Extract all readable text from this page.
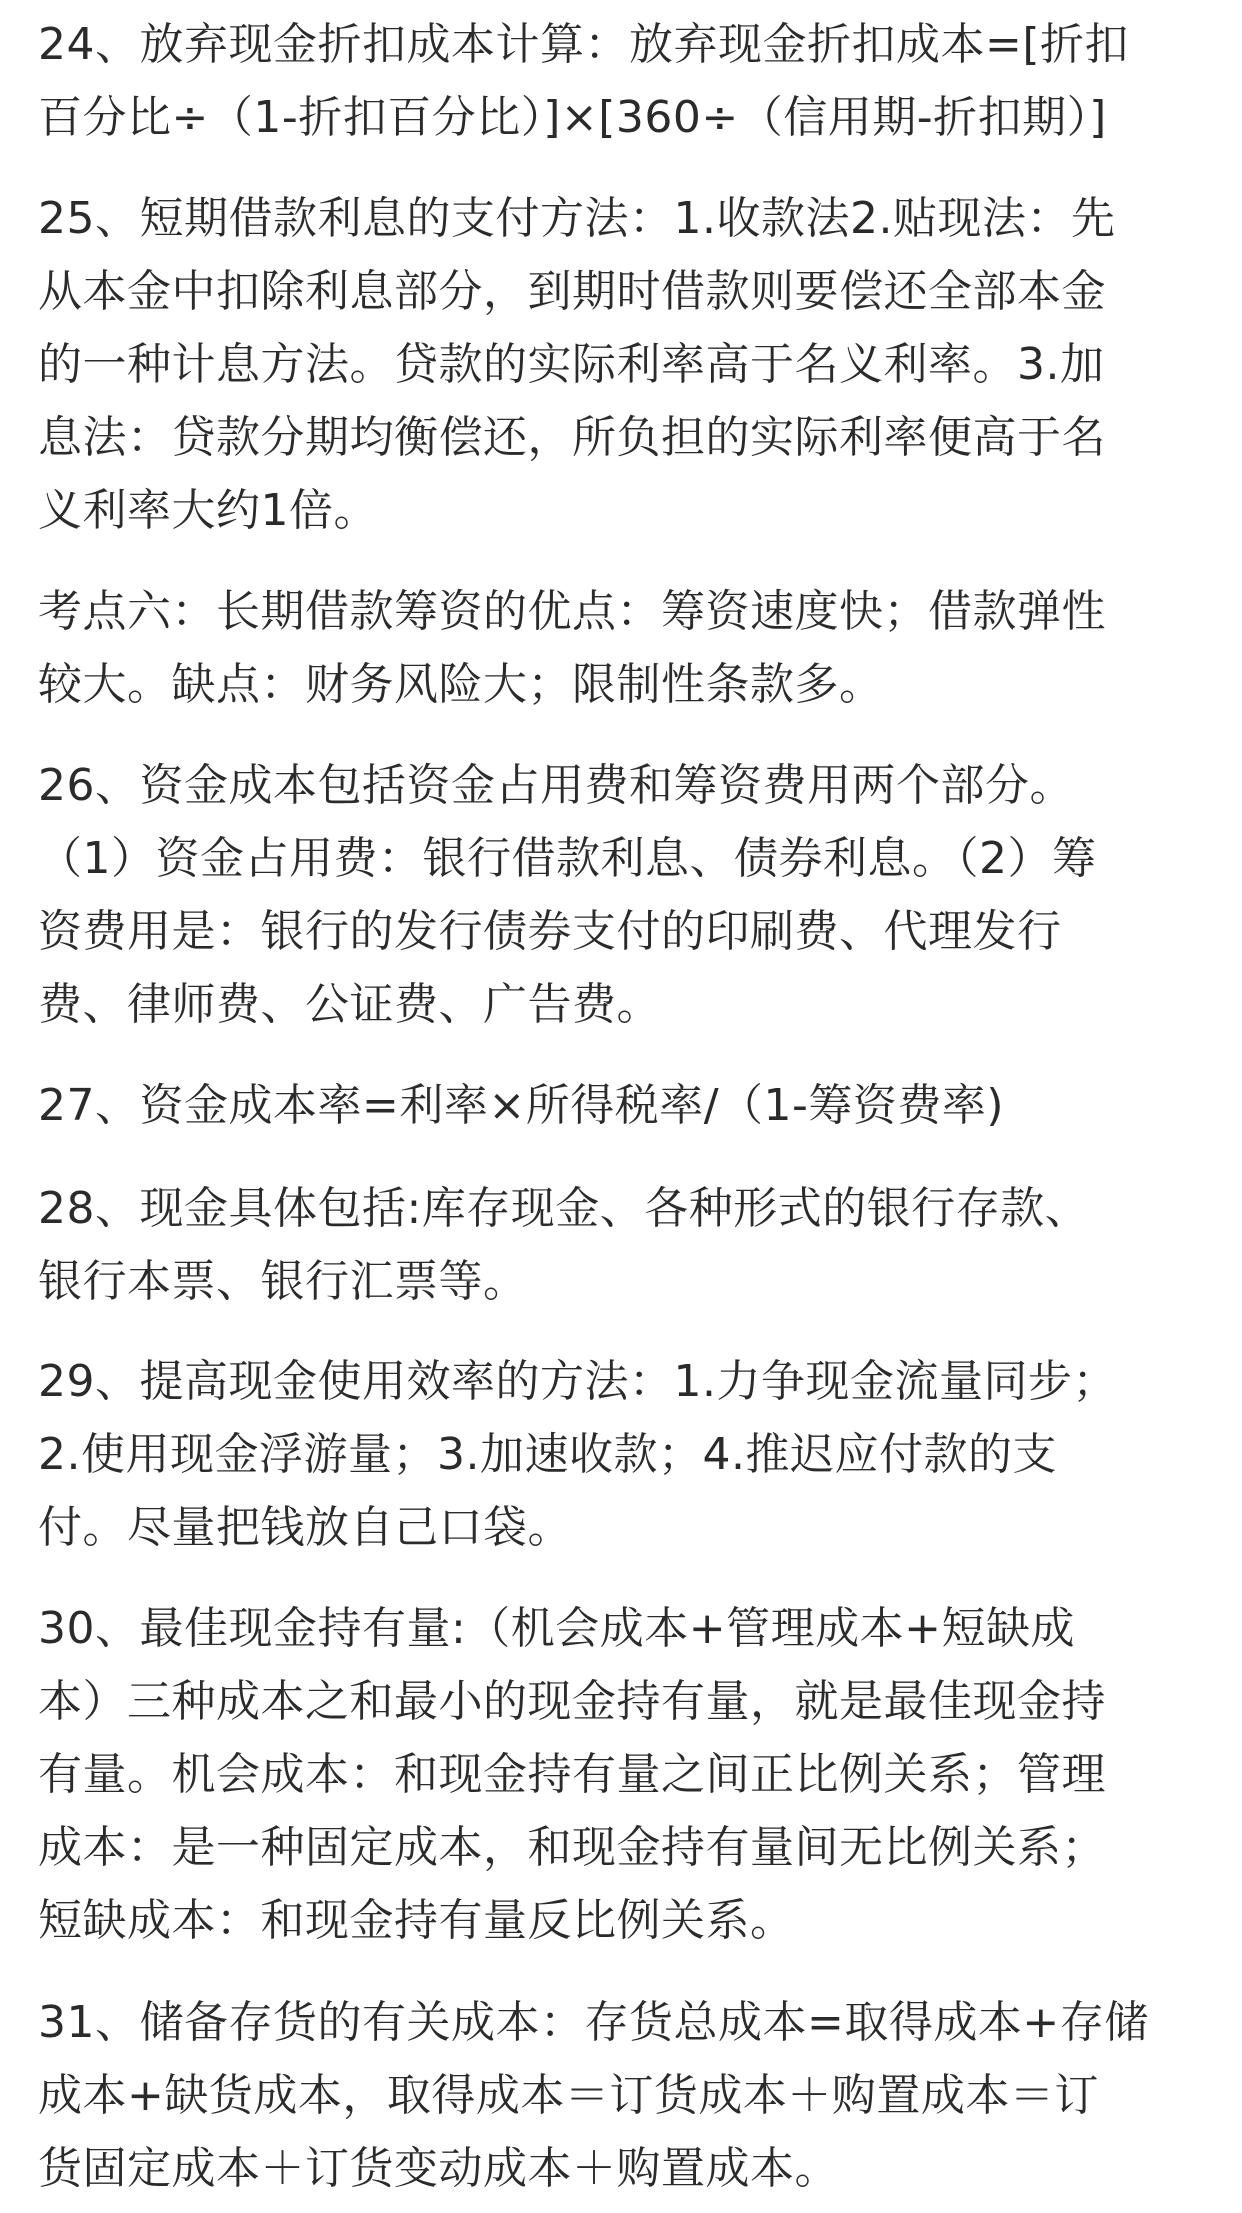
24、放弃现金折扣成本计算：放弃现金折扣成本=[折扣
百分比÷（1-折扣百分比）]×[360÷（信用期-折扣期）]

25、短期借款利息的支付方法：1.收款法2.贴现法：先
从本金中扣除利息部分，到期时借款则要偿还全部本金
的一种计息方法。贷款的实际利率高于名义利率。3.加
息法：贷款分期均衡偿还，所负担的实际利率便高于名
义利率大约1倍。

考点六：长期借款筹资的优点：筹资速度快；借款弹性
较大。缺点：财务风险大；限制性条款多。

26、资金成本包括资金占用费和筹资费用两个部分。
（1）资金占用费：银行借款利息、债券利息。（2）筹
资费用是：银行的发行债券支付的印刷费、代理发行
费、律师费、公证费、广告费。

27、资金成本率=利率×所得税率/（1-筹资费率)

28、现金具体包括:库存现金、各种形式的银行存款、
银行本票、银行汇票等。

29、提高现金使用效率的方法：1.力争现金流量同步；
2.使用现金浮游量；3.加速收款；4.推迟应付款的支
付。尽量把钱放自己口袋。

30、最佳现金持有量:（机会成本+管理成本+短缺成
本）三种成本之和最小的现金持有量，就是最佳现金持
有量。机会成本：和现金持有量之间正比例关系；管理
成本：是一种固定成本，和现金持有量间无比例关系；
短缺成本：和现金持有量反比例关系。

31、储备存货的有关成本：存货总成本=取得成本+存储
成本+缺货成本，取得成本＝订货成本＋购置成本＝订
货固定成本＋订货变动成本＋购置成本。
